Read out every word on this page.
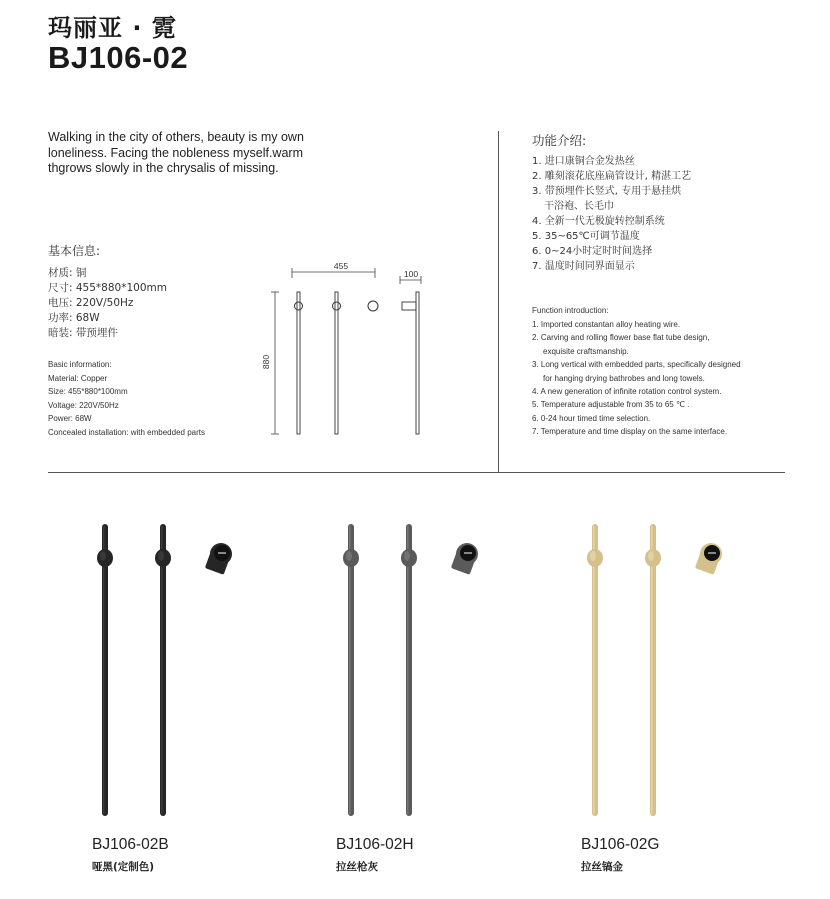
玛丽亚 · 霓
BJ106-02
Walking in the city of others, beauty is my own
loneliness. Facing the nobleness myself.warm
thgrows slowly in the chrysalis of missing.
基本信息:
材质: 铜
尺寸: 455*880*100mm
电压: 220V/50Hz
功率: 68W
暗装: 带预埋件
Basic information:
Material: Copper
Size: 455*880*100mm
Voltage: 220V/50Hz
Power: 68W
Concealed installation: with embedded parts
455
100
880
功能介绍:
1. 进口康铜合金发热丝
2. 雕刻滚花底座扁管设计, 精湛工艺
3. 带预埋件长竖式, 专用于悬挂烘
干浴袍、长毛巾
4. 全新一代无极旋转控制系统
5. 35~65℃可调节温度
6. 0~24小时定时时间选择
7. 温度时间同界面显示
Function introduction:
1. Imported constantan alloy heating wire.
2. Carving and rolling flower base flat tube design,
exquisite craftsmanship.
3. Long vertical with embedded parts, specifically designed
for hanging drying bathrobes and long towels.
4. A new generation of infinite rotation control system.
5. Temperature adjustable from 35 to 65 ℃ .
6. 0-24 hour timed time selection.
7. Temperature and time display on the same interface.
BJ106-02B
哑黑(定制色)
BJ106-02H
拉丝枪灰
BJ106-02G
拉丝镐金
